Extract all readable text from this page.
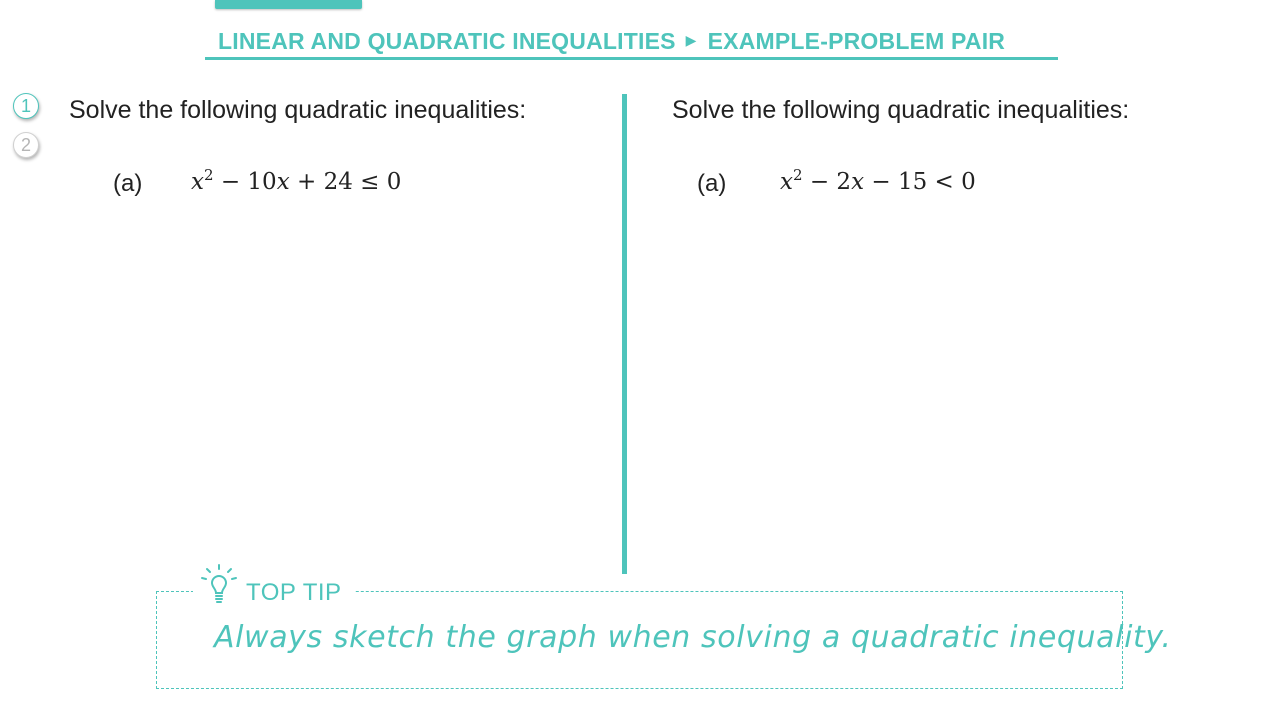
LINEAR AND QUADRATIC INEQUALITIES ▶ EXAMPLE-PROBLEM PAIR
1
2
Solve the following quadratic inequalities:
(a) $x^2 - 10x + 24 \le 0$
Solve the following quadratic inequalities:
(a) $x^2 - 2x - 15 < 0$
TOP TIP
Always sketch the graph when solving a quadratic inequality.
